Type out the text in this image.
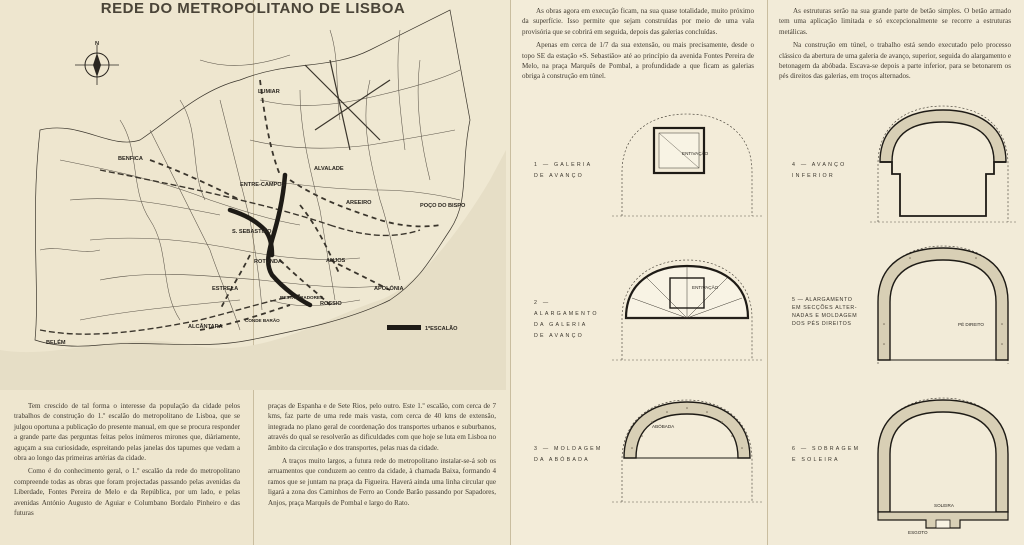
REDE DO METROPOLITANO DE LISBOA
N
LUMIAR
BENFICA
ALVALADE
ENTRE-CAMPOS
AREEIRO	POÇO DO BISPO
S. SEBASTIÃO
ROTUNDA	ANJOS
APOLÓNIA
RESTAU-RADORES
ROSSIO
ESTRELA
CONDE BARÃO
ALCÂNTARA
BELÉM
1ºESCALÃO

Tem crescido de tal forma o interesse da população da cidade pelos trabalhos de construção do 1.º escalão do metropolitano de Lisboa, que se julgou oportuna a publicação do presente manual, em que se procura responder a grande parte das perguntas feitas pelos inúmeros mirones que, diàriamente, aguçam a sua curiosidade, espreitando pelas janelas dos tapumes que vedam a obra ao longo das primeiras artérias da cidade.

Como é do conhecimento geral, o 1.º escalão da rede do metropolitano compreende todas as obras que foram projectadas passando pelas avenidas da Liberdade, Fontes Pereira de Melo e da República, por um lado, e pelas avenidas António Augusto de Aguiar e Columbano Bordalo Pinheiro e das futuras

praças de Espanha e de Sete Rios, pelo outro. Este 1.º escalão, com cerca de 7 kms, faz parte de uma rede mais vasta, com cerca de 40 kms de extensão, integrada no plano geral de coordenação dos transportes urbanos e suburbanos, através do qual se resolverão as dificuldades com que hoje se luta em Lisboa no âmbito da circulação e dos transportes, pelas ruas da cidade.

A traços muito largos, a futura rede do metropolitano instalar-se-á sob os arruamentos que conduzem ao centro da cidade, à chamada Baixa, formando 4 ramos que se juntam na praça da Figueira. Haverá ainda uma linha circular que ligará a zona dos Caminhos de Ferro ao Conde Barão passando por Sapadores, Anjos, praça Marquês de Pombal e largo do Rato.

As obras agora em execução ficam, na sua quase totalidade, muito próximo da superfície. Isso permite que sejam construídas por meio de uma vala provisória que se cobrirá em seguida, depois das galerias concluídas.

Apenas em cerca de 1/7 da sua extensão, ou mais precisamente, desde o topo SE da estação «S. Sebastião» até ao princípio da avenida Fontes Pereira de Melo, na praça Marquês de Pombal, a profundidade a que ficam as galerias obriga à construção em túnel.

1 — GALERIA
DE AVANÇO
ENTIVAÇÃO
2 — ALARGAMENTO
DA GALERIA
DE AVANÇO
ENTIVAÇÃO
3 — MOLDAGEM
DA ABÓBADA
ABÓBADA

As estruturas serão na sua grande parte de betão simples. O betão armado tem uma aplicação limitada e só excepcionalmente se recorre a estruturas metálicas.

Na construção em túnel, o trabalho está sendo executado pelo processo clássico da abertura de uma galeria de avanço, superior, seguida do alargamento e betonagem da abóbada. Escava-se depois a parte inferior, para se betonarem os pés direitos das galerias, em troços alternados.

4 — AVANÇO
INFERIOR
5 — ALARGAMENTO
EM SECÇÕES ALTER-
NADAS E MOLDAGEM
DOS PÉS DIREITOS	PÉ DIREITO
6 — SOBRAGEM
E SOLEIRA
SOLEIRA
ESGOTO
